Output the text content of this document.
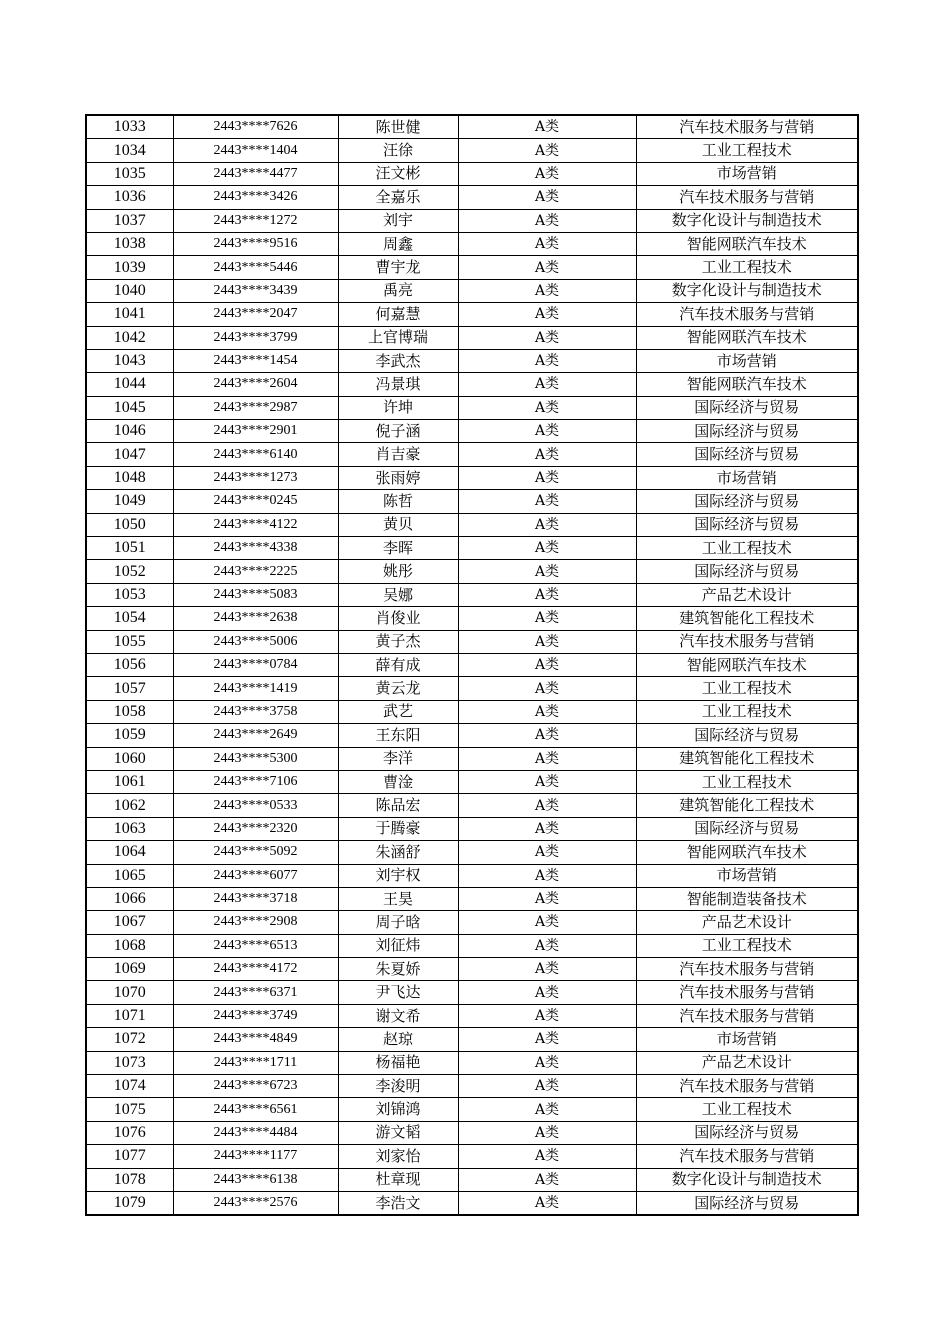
1033	2443****7626	陈世健	A类	汽车技术服务与营销
1034	2443****1404	汪徐	A类	工业工程技术
1035	2443****4477	汪文彬	A类	市场营销
1036	2443****3426	全嘉乐	A类	汽车技术服务与营销
1037	2443****1272	刘宇	A类	数字化设计与制造技术
1038	2443****9516	周鑫	A类	智能网联汽车技术
1039	2443****5446	曹宇龙	A类	工业工程技术
1040	2443****3439	禹亮	A类	数字化设计与制造技术
1041	2443****2047	何嘉慧	A类	汽车技术服务与营销
1042	2443****3799	上官博瑞	A类	智能网联汽车技术
1043	2443****1454	李武杰	A类	市场营销
1044	2443****2604	冯景琪	A类	智能网联汽车技术
1045	2443****2987	许坤	A类	国际经济与贸易
1046	2443****2901	倪子涵	A类	国际经济与贸易
1047	2443****6140	肖吉豪	A类	国际经济与贸易
1048	2443****1273	张雨婷	A类	市场营销
1049	2443****0245	陈哲	A类	国际经济与贸易
1050	2443****4122	黄贝	A类	国际经济与贸易
1051	2443****4338	李晖	A类	工业工程技术
1052	2443****2225	姚彤	A类	国际经济与贸易
1053	2443****5083	吴娜	A类	产品艺术设计
1054	2443****2638	肖俊业	A类	建筑智能化工程技术
1055	2443****5006	黄子杰	A类	汽车技术服务与营销
1056	2443****0784	薛有成	A类	智能网联汽车技术
1057	2443****1419	黄云龙	A类	工业工程技术
1058	2443****3758	武艺	A类	工业工程技术
1059	2443****2649	王东阳	A类	国际经济与贸易
1060	2443****5300	李洋	A类	建筑智能化工程技术
1061	2443****7106	曹淦	A类	工业工程技术
1062	2443****0533	陈品宏	A类	建筑智能化工程技术
1063	2443****2320	于腾豪	A类	国际经济与贸易
1064	2443****5092	朱涵舒	A类	智能网联汽车技术
1065	2443****6077	刘宇权	A类	市场营销
1066	2443****3718	王昊	A类	智能制造装备技术
1067	2443****2908	周子晗	A类	产品艺术设计
1068	2443****6513	刘征炜	A类	工业工程技术
1069	2443****4172	朱夏娇	A类	汽车技术服务与营销
1070	2443****6371	尹飞达	A类	汽车技术服务与营销
1071	2443****3749	谢文希	A类	汽车技术服务与营销
1072	2443****4849	赵琼	A类	市场营销
1073	2443****1711	杨福艳	A类	产品艺术设计
1074	2443****6723	李浚明	A类	汽车技术服务与营销
1075	2443****6561	刘锦鸿	A类	工业工程技术
1076	2443****4484	游文韬	A类	国际经济与贸易
1077	2443****1177	刘家怡	A类	汽车技术服务与营销
1078	2443****6138	杜章现	A类	数字化设计与制造技术
1079	2443****2576	李浩文	A类	国际经济与贸易
